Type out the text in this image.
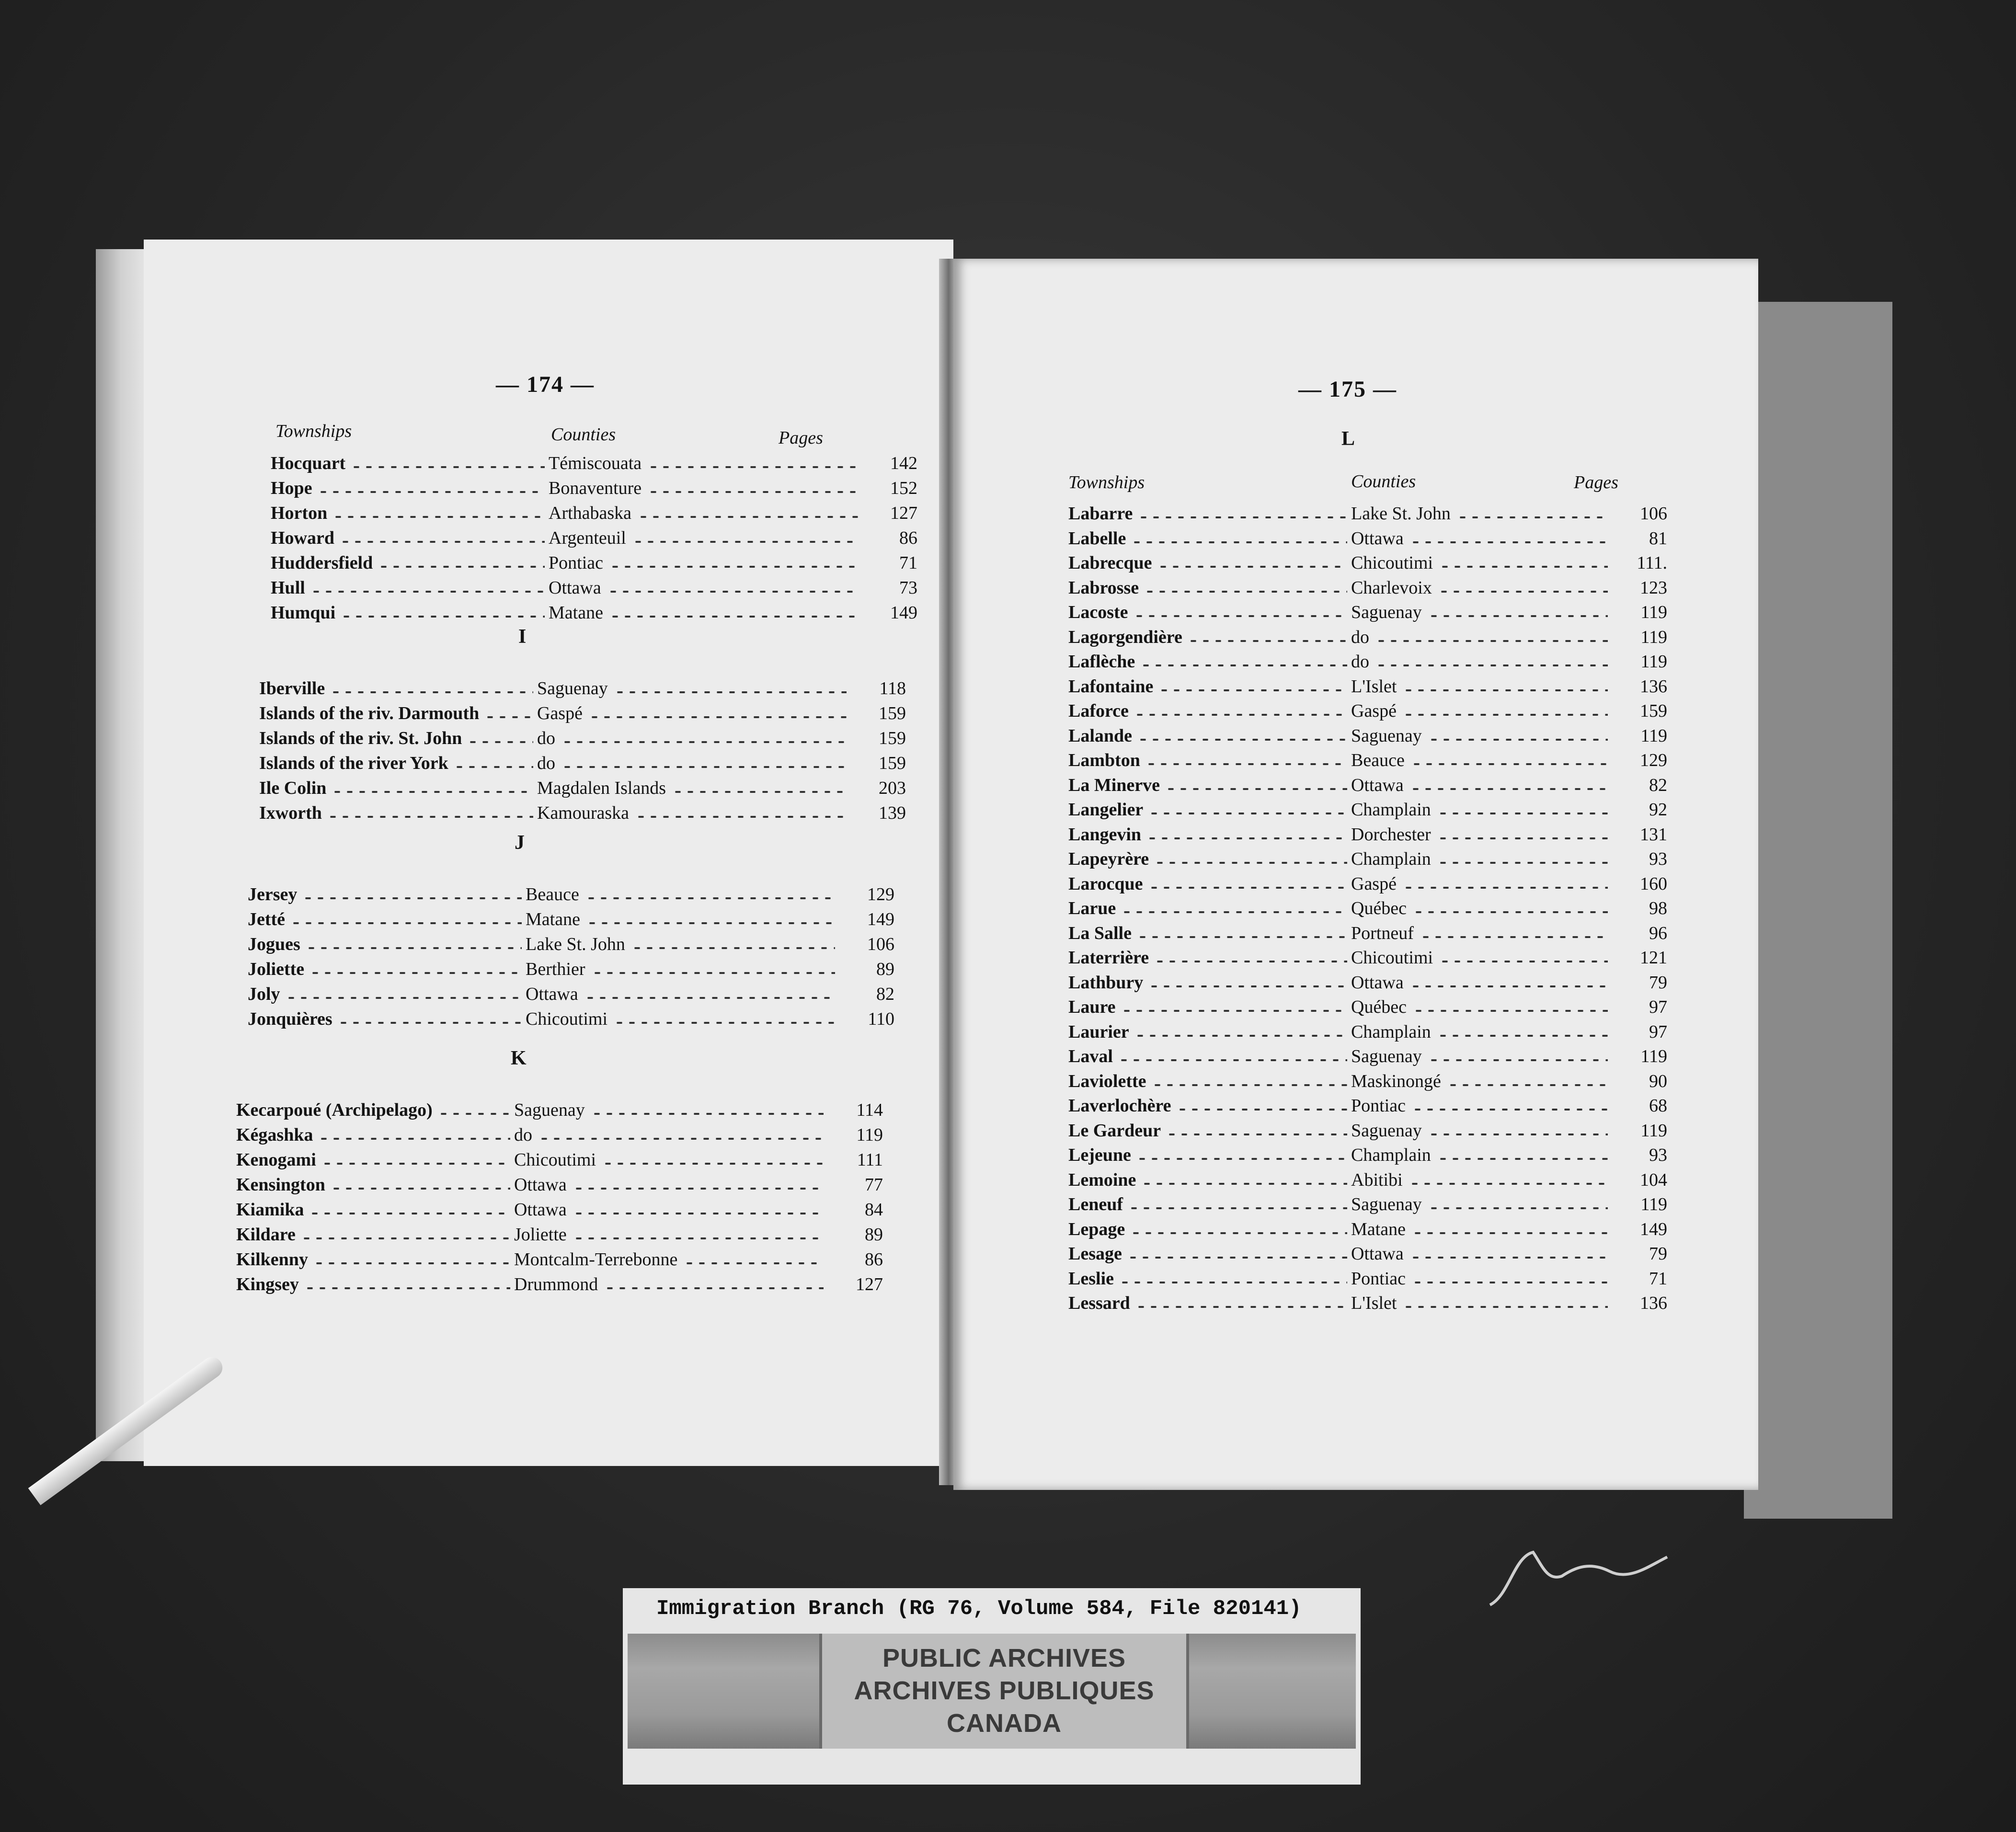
— 174 —
Townships	Counties	Pages
Hocquart	Témiscouata	142
Hope	Bonaventure	152
Horton	Arthabaska	127
Howard	Argenteuil	86
Huddersfield	Pontiac	71
Hull	Ottawa	73
Humqui	Matane	149
I
Iberville	Saguenay	118
Islands of the riv. Darmouth	Gaspé	159
Islands of the riv. St. John	do	159
Islands of the river York	do	159
Ile Colin	Magdalen Islands	203
Ixworth	Kamouraska	139
J
Jersey	Beauce	129
Jetté	Matane	149
Jogues	Lake St. John	106
Joliette	Berthier	89
Joly	Ottawa	82
Jonquières	Chicoutimi	110
K
Kecarpoué (Archipelago)	Saguenay	114
Kégashka	do	119
Kenogami	Chicoutimi	111
Kensington	Ottawa	77
Kiamika	Ottawa	84
Kildare	Joliette	89
Kilkenny	Montcalm-Terrebonne	86
Kingsey	Drummond	127
— 175 —
L
Townships	Counties	Pages
Labarre	Lake St. John	106
Labelle	Ottawa	81
Labrecque	Chicoutimi	111.
Labrosse	Charlevoix	123
Lacoste	Saguenay	119
Lagorgendière	do	119
Laflèche	do	119
Lafontaine	L'Islet	136
Laforce	Gaspé	159
Lalande	Saguenay	119
Lambton	Beauce	129
La Minerve	Ottawa	82
Langelier	Champlain	92
Langevin	Dorchester	131
Lapeyrère	Champlain	93
Larocque	Gaspé	160
Larue	Québec	98
La Salle	Portneuf	96
Laterrière	Chicoutimi	121
Lathbury	Ottawa	79
Laure	Québec	97
Laurier	Champlain	97
Laval	Saguenay	119
Laviolette	Maskinongé	90
Laverlochère	Pontiac	68
Le Gardeur	Saguenay	119
Lejeune	Champlain	93
Lemoine	Abitibi	104
Leneuf	Saguenay	119
Lepage	Matane	149
Lesage	Ottawa	79
Leslie	Pontiac	71
Lessard	L'Islet	136
Immigration Branch (RG 76, Volume 584, File 820141)
PUBLIC ARCHIVES
ARCHIVES PUBLIQUES
CANADA
